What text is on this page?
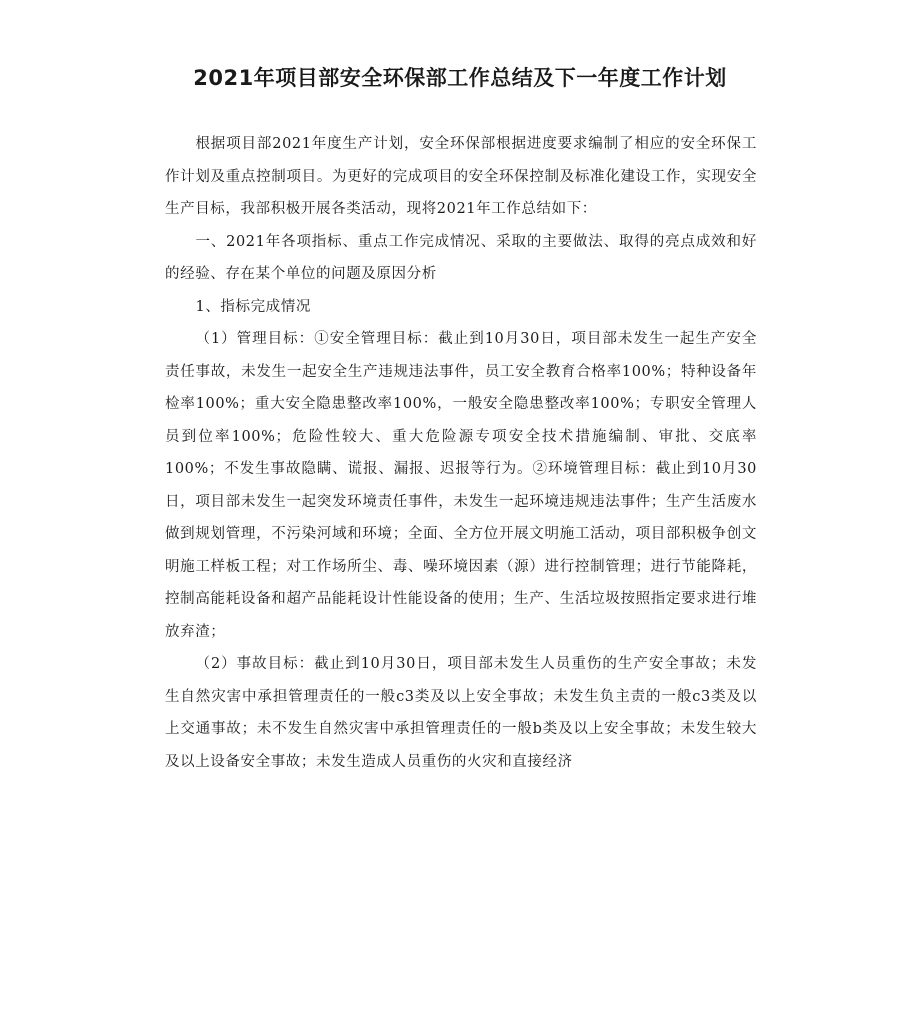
2021年项目部安全环保部工作总结及下一年度工作计划

根据项目部2021年度生产计划，安全环保部根据进度要求编制了相应的安全环保工作计划及重点控制项目。为更好的完成项目的安全环保控制及标准化建设工作，实现安全生产目标，我部积极开展各类活动，现将2021年工作总结如下：

一、2021年各项指标、重点工作完成情况、采取的主要做法、取得的亮点成效和好的经验、存在某个单位的问题及原因分析

1、指标完成情况

（1）管理目标：①安全管理目标：截止到10月30日，项目部未发生一起生产安全责任事故，未发生一起安全生产违规违法事件，员工安全教育合格率100%；特种设备年检率100%；重大安全隐患整改率100%，一般安全隐患整改率100%；专职安全管理人员到位率100%；危险性较大、重大危险源专项安全技术措施编制、审批、交底率100%；不发生事故隐瞒、谎报、漏报、迟报等行为。②环境管理目标：截止到10月30日，项目部未发生一起突发环境责任事件，未发生一起环境违规违法事件；生产生活废水做到规划管理，不污染河域和环境；全面、全方位开展文明施工活动，项目部积极争创文明施工样板工程；对工作场所尘、毒、噪环境因素（源）进行控制管理；进行节能降耗，控制高能耗设备和超产品能耗设计性能设备的使用；生产、生活垃圾按照指定要求进行堆放弃渣；

（2）事故目标：截止到10月30日，项目部未发生人员重伤的生产安全事故；未发生自然灾害中承担管理责任的一般c3类及以上安全事故；未发生负主责的一般c3类及以上交通事故；未不发生自然灾害中承担管理责任的一般b类及以上安全事故；未发生较大及以上设备安全事故；未发生造成人员重伤的火灾和直接经济
